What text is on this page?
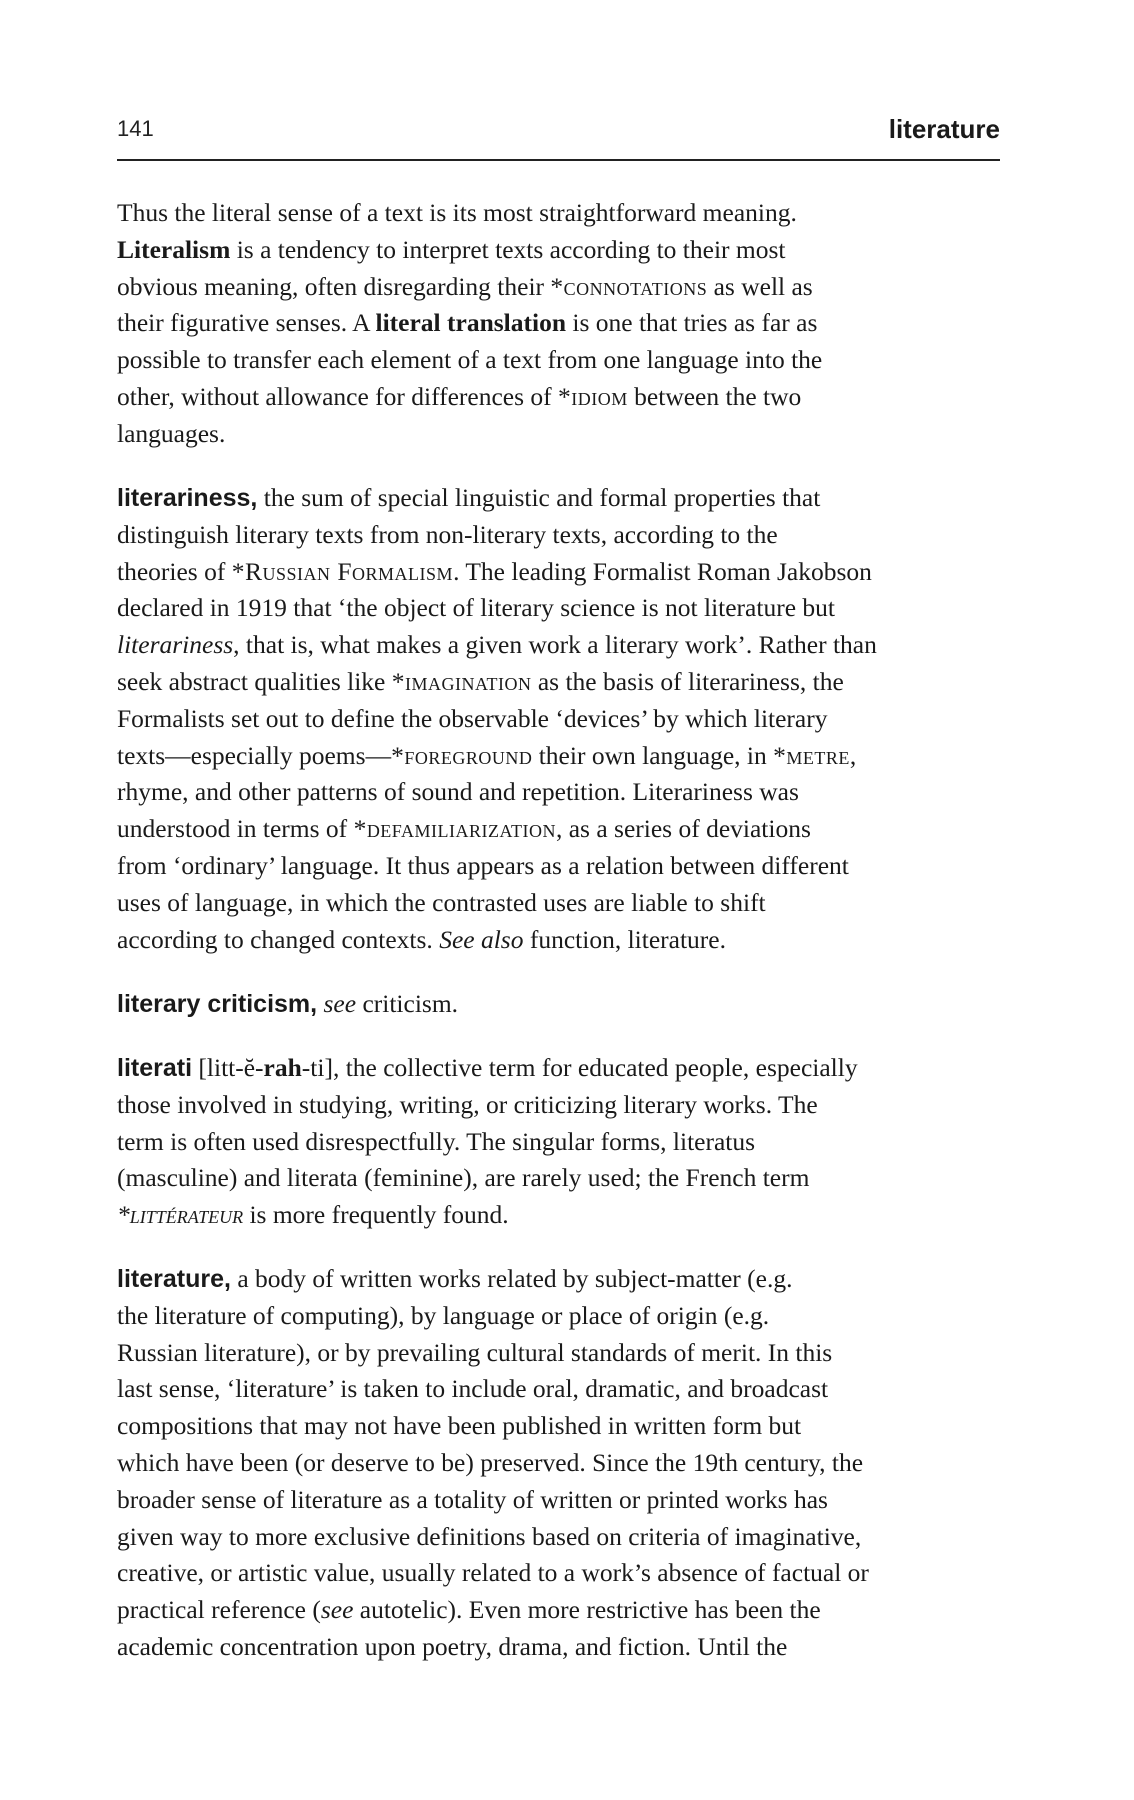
141	literature
Thus the literal sense of a text is its most straightforward meaning.
Literalism is a tendency to interpret texts according to their most
obvious meaning, often disregarding their *connotations as well as
their figurative senses. A literal translation is one that tries as far as
possible to transfer each element of a text from one language into the
other, without allowance for differences of *idiom between the two
languages.
literariness, the sum of special linguistic and formal properties that
distinguish literary texts from non-literary texts, according to the
theories of *Russian Formalism. The leading Formalist Roman Jakobson
declared in 1919 that ‘the object of literary science is not literature but
literariness, that is, what makes a given work a literary work’. Rather than
seek abstract qualities like *imagination as the basis of literariness, the
Formalists set out to define the observable ‘devices’ by which literary
texts—especially poems—*foreground their own language, in *metre,
rhyme, and other patterns of sound and repetition. Literariness was
understood in terms of *defamiliarization, as a series of deviations
from ‘ordinary’ language. It thus appears as a relation between different
uses of language, in which the contrasted uses are liable to shift
according to changed contexts. See also function, literature.
literary criticism, see criticism.
literati [litt-ĕ-rah-ti], the collective term for educated people, especially
those involved in studying, writing, or criticizing literary works. The
term is often used disrespectfully. The singular forms, literatus
(masculine) and literata (feminine), are rarely used; the French term
*littérateur is more frequently found.
literature, a body of written works related by subject-matter (e.g.
the literature of computing), by language or place of origin (e.g.
Russian literature), or by prevailing cultural standards of merit. In this
last sense, ‘literature’ is taken to include oral, dramatic, and broadcast
compositions that may not have been published in written form but
which have been (or deserve to be) preserved. Since the 19th century, the
broader sense of literature as a totality of written or printed works has
given way to more exclusive definitions based on criteria of imaginative,
creative, or artistic value, usually related to a work’s absence of factual or
practical reference (see autotelic). Even more restrictive has been the
academic concentration upon poetry, drama, and fiction. Until the
